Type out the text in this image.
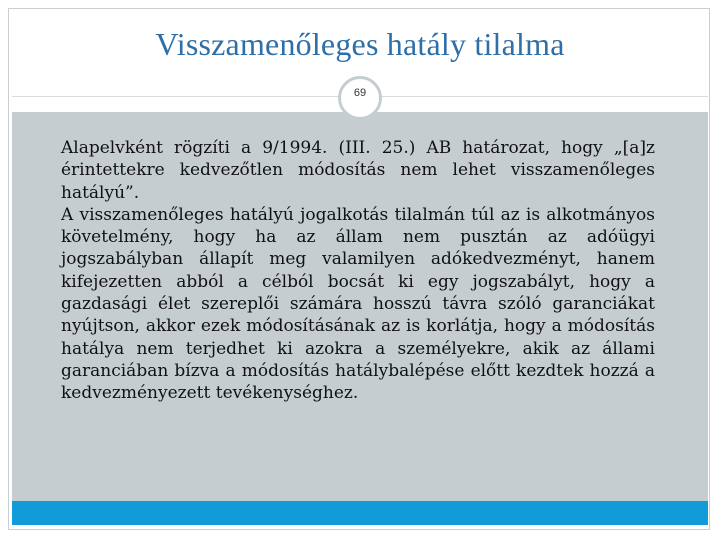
Visszamenőleges hatály tilalma
69

Alapelvként rögzíti a 9/1994. (III. 25.) AB határozat, hogy „[a]z érintettekre kedvezőtlen módosítás nem lehet visszamenőleges hatályú”.

A visszamenőleges hatályú jogalkotás tilalmán túl az is alkotmányos követelmény, hogy ha az állam nem pusztán az adóügyi jogszabályban állapít meg valamilyen adókedvezményt, hanem kifejezetten abból a célból bocsát ki egy jogszabályt, hogy a gazdasági élet szereplői számára hosszú távra szóló garanciákat nyújtson, akkor ezek módosításának az is korlátja, hogy a módosítás hatálya nem terjedhet ki azokra a személyekre, akik az állami garanciában bízva a módosítás hatálybalépése előtt kezdtek hozzá a kedvezményezett tevékenységhez.
